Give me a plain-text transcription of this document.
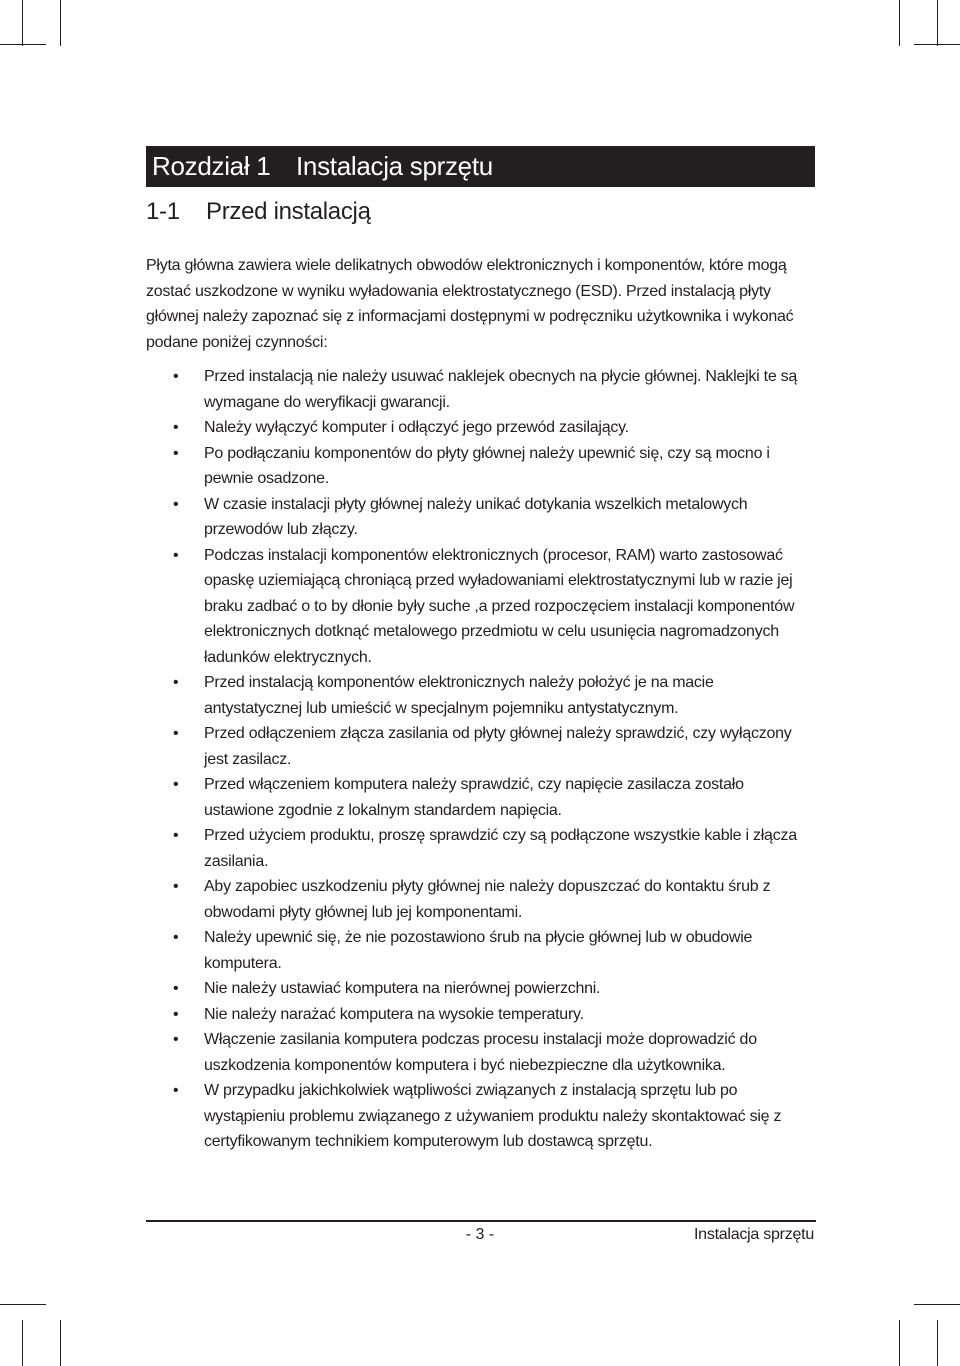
Rozdział 1 Instalacja sprzętu
1-1	Przed instalacją

Płyta główna zawiera wiele delikatnych obwodów elektronicznych i komponentów, które mogą
zostać uszkodzone w wyniku wyładowania elektrostatycznego (ESD). Przed instalacją płyty
głównej należy zapoznać się z informacjami dostępnymi w podręczniku użytkownika i wykonać
podane poniżej czynności:

• Przed instalacją nie należy usuwać naklejek obecnych na płycie głównej. Naklejki te są
wymagane do weryfikacji gwarancji.
• Należy wyłączyć komputer i odłączyć jego przewód zasilający.
• Po podłączaniu komponentów do płyty głównej należy upewnić się, czy są mocno i
pewnie osadzone.
• W czasie instalacji płyty głównej należy unikać dotykania wszelkich metalowych
przewodów lub złączy.
• Podczas instalacji komponentów elektronicznych (procesor, RAM) warto zastosować
opaskę uziemiającą chroniącą przed wyładowaniami elektrostatycznymi lub w razie jej
braku zadbać o to by dłonie były suche ,a przed rozpoczęciem instalacji komponentów
elektronicznych dotknąć metalowego przedmiotu w celu usunięcia nagromadzonych
ładunków elektrycznych.
• Przed instalacją komponentów elektronicznych należy położyć je na macie
antystatycznej lub umieścić w specjalnym pojemniku antystatycznym.
• Przed odłączeniem złącza zasilania od płyty głównej należy sprawdzić, czy wyłączony
jest zasilacz.
• Przed włączeniem komputera należy sprawdzić, czy napięcie zasilacza zostało
ustawione zgodnie z lokalnym standardem napięcia.
• Przed użyciem produktu, proszę sprawdzić czy są podłączone wszystkie kable i złącza
zasilania.
• Aby zapobiec uszkodzeniu płyty głównej nie należy dopuszczać do kontaktu śrub z
obwodami płyty głównej lub jej komponentami.
• Należy upewnić się, że nie pozostawiono śrub na płycie głównej lub w obudowie
komputera.
• Nie należy ustawiać komputera na nierównej powierzchni.
• Nie należy narażać komputera na wysokie temperatury.
• Włączenie zasilania komputera podczas procesu instalacji może doprowadzić do
uszkodzenia komponentów komputera i być niebezpieczne dla użytkownika.
• W przypadku jakichkolwiek wątpliwości związanych z instalacją sprzętu lub po
wystąpieniu problemu związanego z używaniem produktu należy skontaktować się z
certyfikowanym technikiem komputerowym lub dostawcą sprzętu.
- 3 -	Instalacja sprzętu
